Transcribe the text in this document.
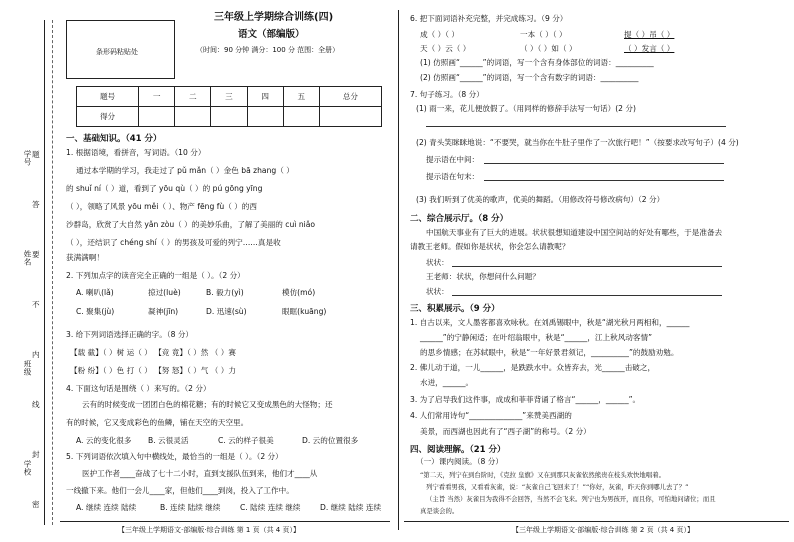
学号
姓名
班级
学校
题
答
要
不
内
线
封
密
条形码粘贴处
三年级上学期综合训练(四)
语文（部编版）
（时间：90 分钟 满分：100 分 范围：全册）
题号	一	二	三	四	五	总分
得分						
一、基础知识。（41 分）
1. 根据语境，看拼音，写词语。（10 分）
通过本学期的学习，我走过了 pǔ mǎn（ ）金色 bā zhang（ ）
的 shuǐ ní（ ）道，看到了 yōu qù（ ）的 pú gōng yīng
（ ），领略了风景 yōu měi（ ）、物产 fēng fù（ ）的西
沙群岛，欣赏了大自然 yǎn zòu（ ）的美妙乐曲，了解了美丽的 cuì niǎo
（ ），还结识了 chéng shí（ ）的男孩及可爱的列宁……真是收
获满满啊！
2. 下列加点字的读音完全正确的一组是（ ）。（2 分）
A. 喇叭(lǎ)	掠过(luè)	B. 毅力(yì)	模仿(mó)
C. 聚集(jù)	凝神(jīn)	D. 迅速(sù)	眼眶(kuāng)
3. 给下列词语选择正确的字。（8 分）
【载 截】（ ）树 运（ ） 【竞 竟】（ ）然 （ ）赛
【粉 纷】（ ）色 打（ ） 【努 怒】（ ）气 （ ）力
4. 下面这句话是围绕（ ）来写的。（2 分）
云有的时候变成一团团白色的棉花糖；有的时候它又变成黑色的大怪物；还
有的时候，它又变成彩色的鱼鳞，铺在天空的天空里。
A. 云的变化很多 B. 云很灵活	C. 云的样子很美	D. 云的位置很多
5. 下列词语依次填入句中横线处，最恰当的一组是（ ）。（2 分）
医护工作者____奋战了七十二小时，直到支援队伍到来，他们才____从
一线撤下来。他们一会儿____家，但他们____到岗，投入了工作中。
A. 继续 连续 陆续	B. 连续 陆续 继续	C. 陆续 连续 继续	D. 继续 陆续 连续
【三年级上学期语文·部编版·综合训练 第 1 页（共 4 页）】
6. 把下面词语补充完整，并完成练习。（9 分）
成（ ）（ ）	一本（ ）（ ）	提（ ）吊（ ）
天（ ）云（ ）	（ ）（ ）如（ ）	（ ）发言（ ）
(1) 仿照画“______”的词语，写一个含有身体部位的词语：__________
(2) 仿照画“______”的词语，写一个含有数字的词语：__________
7. 句子练习。（8 分）
(1) 雨一来，花儿便放假了。（用同样的修辞手法写一句话）(2 分)
(2) 青头笑眯眯地说：“不要哭，就当你在牛肚子里作了一次旅行吧！”（按要求改写句子）(4 分)
提示语在中间：
提示语在句末：
(3) 我们听到了优美的歌声，优美的舞蹈。（用修改符号修改病句）（2 分）
二、综合展示厅。（8 分）
中国航天事业有了巨大的进展。状状很想知道建设中国空间站的好处有哪些，于是准备去
请教王老师。假如你是状状，你会怎么请教呢？
状状：
王老师：状状，你想问什么问题？
状状：
三、积累展示。（9 分）
1. 自古以来，文人墨客都喜欢咏秋。在刘禹锡眼中，秋是“湖光秋月两相和，______
______”的宁静闲适；在叶绍翁眼中，秋是“______，江上秋风动客情”
的思乡情感；在苏轼眼中，秋是“一年好景君须记，__________”的鼓励劝勉。
2. 佛儿动于道，一儿______，是跌跌水中。众皆弃去，光______击破之，
水迸，______。
3. 为了启导我们这件事，成成和菲菲背诵了格言“______，______”。
4. 人们常用诗句“______________”来赞美西湖的
美景，而西湖也因此有了“西子湖”的称号。（2 分）
四、阅读理解。（21 分）
（一）课内阅读。（8 分）
“第二天，列宁在到台阶时，《克拉 皇旗》又在到那只灰雀依然熊贵在枝头欢快地唱着。
列宁看看男孩，又看看灰雀，说：“灰雀自己飞回来了！”“你好，灰雀，昨天你到哪儿去了？”
（主旨 当然）灰雀目为我得不会回答，当然不会飞来。列宁也为男孩开，而且你，可怕地问诸位；而且
真是谈会的。
【三年级上学期语文·部编版·综合训练 第 2 页（共 4 页）】
